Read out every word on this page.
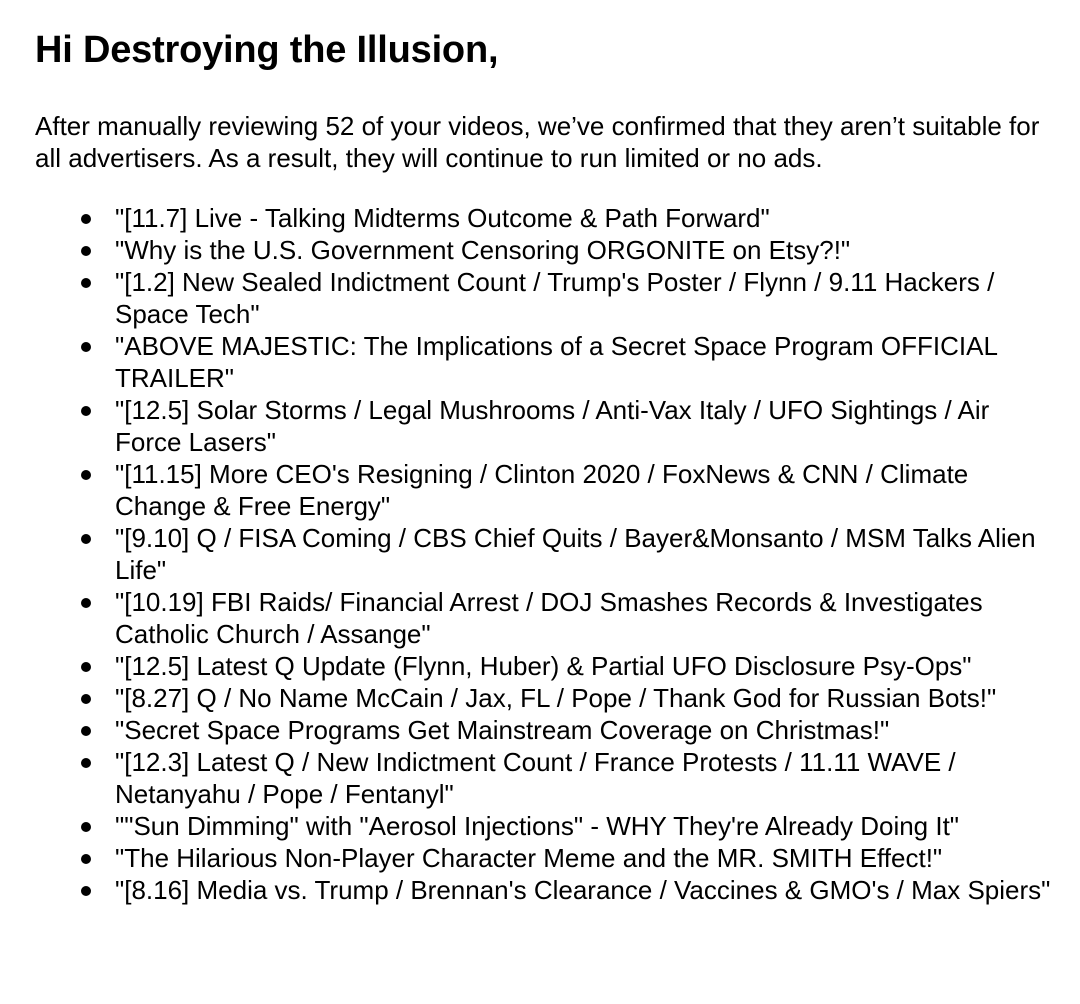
Hi Destroying the Illusion,

After manually reviewing 52 of your videos, we’ve confirmed that they aren’t suitable for all advertisers. As a result, they will continue to run limited or no ads.

"[11.7] Live - Talking Midterms Outcome & Path Forward"
"Why is the U.S. Government Censoring ORGONITE on Etsy?!"
"[1.2] New Sealed Indictment Count / Trump's Poster / Flynn / 9.11 Hackers / Space Tech"
"ABOVE MAJESTIC: The Implications of a Secret Space Program OFFICIAL TRAILER"
"[12.5] Solar Storms / Legal Mushrooms / Anti-Vax Italy / UFO Sightings / Air Force Lasers"
"[11.15] More CEO's Resigning / Clinton 2020 / FoxNews & CNN / Climate Change & Free Energy"
"[9.10] Q / FISA Coming / CBS Chief Quits / Bayer&Monsanto / MSM Talks Alien Life"
"[10.19] FBI Raids/ Financial Arrest / DOJ Smashes Records & Investigates Catholic Church / Assange"
"[12.5] Latest Q Update (Flynn, Huber) & Partial UFO Disclosure Psy-Ops"
"[8.27] Q / No Name McCain / Jax, FL / Pope / Thank God for Russian Bots!"
"Secret Space Programs Get Mainstream Coverage on Christmas!"
"[12.3] Latest Q / New Indictment Count / France Protests / 11.11 WAVE / Netanyahu / Pope / Fentanyl"
""Sun Dimming" with "Aerosol Injections" - WHY They're Already Doing It"
"The Hilarious Non-Player Character Meme and the MR. SMITH Effect!"
"[8.16] Media vs. Trump / Brennan's Clearance / Vaccines & GMO's / Max Spiers"
